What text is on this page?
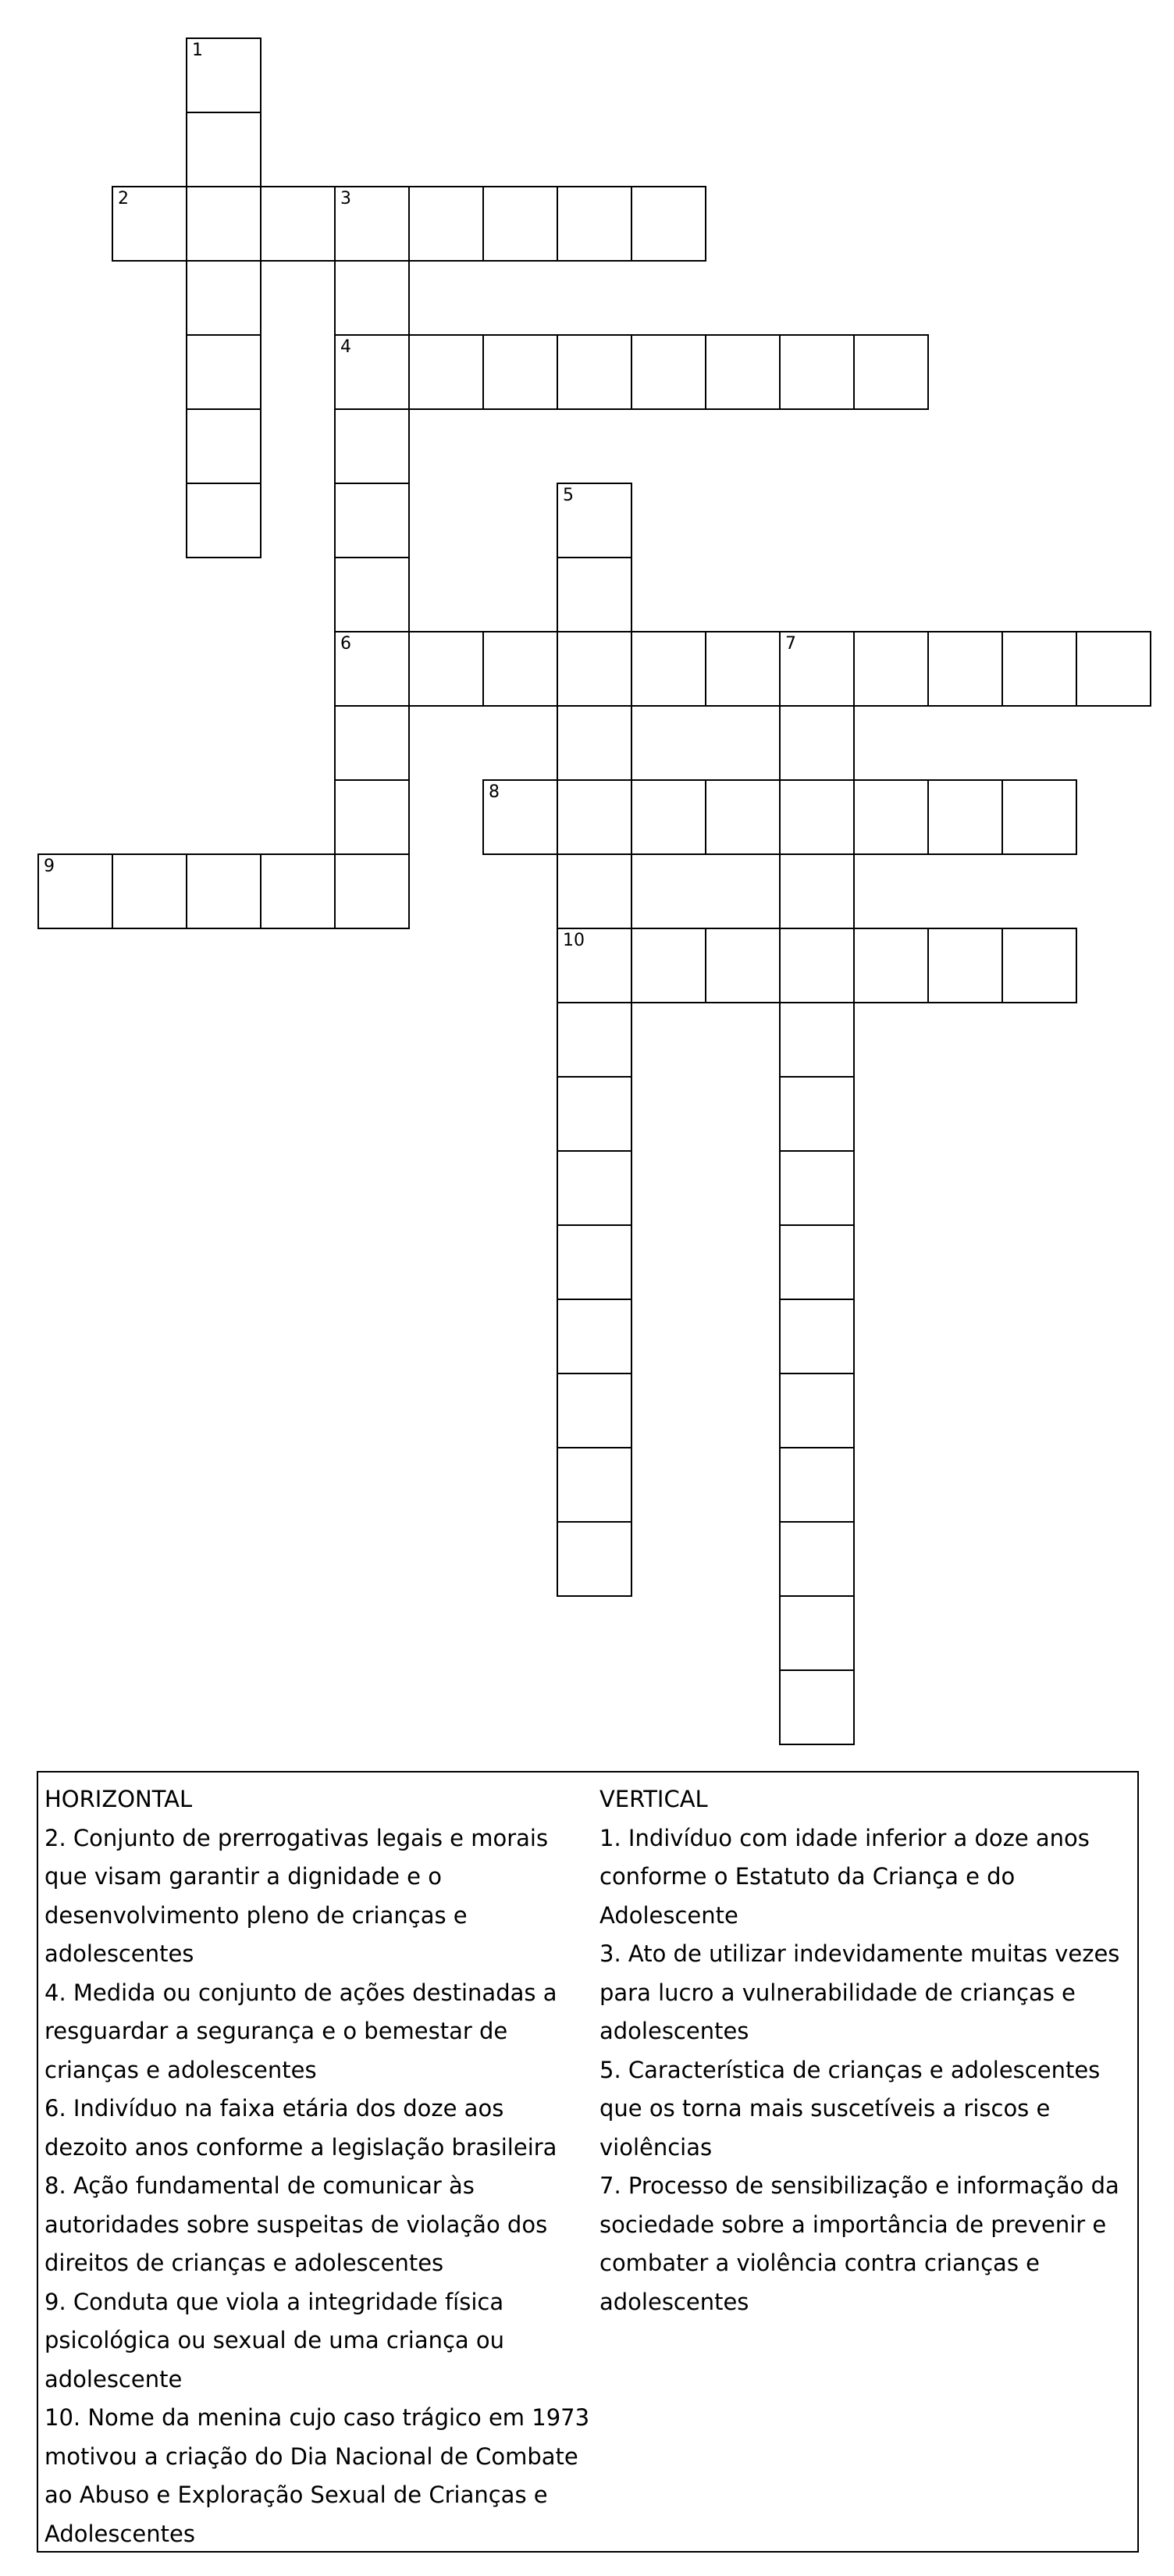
1
2	3
4
6
5
10
7
8
9

HORIZONTAL

2. Conjunto de prerrogativas legais e morais que visam garantir a dignidade e o desenvolvimento pleno de crianças e adolescentes

4. Medida ou conjunto de ações destinadas a resguardar a segurança e o bemestar de crianças e adolescentes

6. Indivíduo na faixa etária dos doze aos dezoito anos conforme a legislação brasileira

8. Ação fundamental de comunicar às autoridades sobre suspeitas de violação dos direitos de crianças e adolescentes

9. Conduta que viola a integridade física psicológica ou sexual de uma criança ou adolescente

10. Nome da menina cujo caso trágico em 1973 motivou a criação do Dia Nacional de Combate ao Abuso e Exploração Sexual de Crianças e Adolescentes

VERTICAL

1. Indivíduo com idade inferior a doze anos conforme o Estatuto da Criança e do Adolescente

3. Ato de utilizar indevidamente muitas vezes para lucro a vulnerabilidade de crianças e adolescentes

5. Característica de crianças e adolescentes que os torna mais suscetíveis a riscos e violências

7. Processo de sensibilização e informação da sociedade sobre a importância de prevenir e combater a violência contra crianças e adolescentes
